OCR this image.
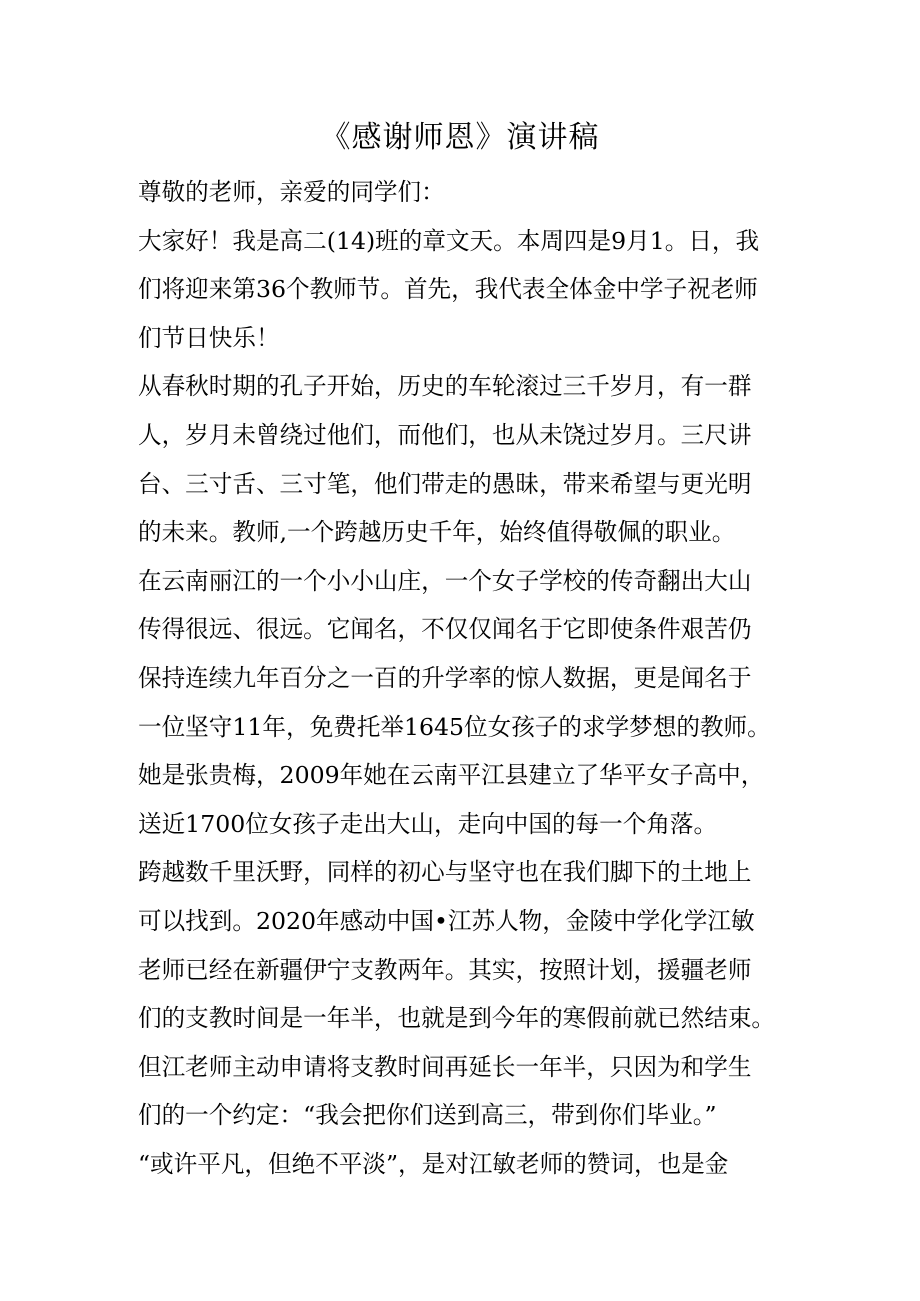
《感谢师恩》演讲稿
尊敬的老师，亲爱的同学们：
大家好！我是高二(14)班的章文天。本周四是9月1。日，我
们将迎来第36个教师节。首先，我代表全体金中学子祝老师
们节日快乐！
从春秋时期的孔子开始，历史的车轮滚过三千岁月，有一群
人，岁月未曾绕过他们，而他们，也从未饶过岁月。三尺讲
台、三寸舌、三寸笔，他们带走的愚昧，带来希望与更光明
的未来。教师,一个跨越历史千年，始终值得敬佩的职业。
在云南丽江的一个小小山庄，一个女子学校的传奇翻出大山
传得很远、很远。它闻名，不仅仅闻名于它即使条件艰苦仍
保持连续九年百分之一百的升学率的惊人数据，更是闻名于
一位坚守11年，免费托举1645位女孩子的求学梦想的教师。
她是张贵梅，2009年她在云南平江县建立了华平女子高中，
送近1700位女孩子走出大山，走向中国的每一个角落。
跨越数千里沃野，同样的初心与坚守也在我们脚下的土地上
可以找到。2020年感动中国•江苏人物，金陵中学化学江敏
老师已经在新疆伊宁支教两年。其实，按照计划，援疆老师
们的支教时间是一年半，也就是到今年的寒假前就已然结束。
但江老师主动申请将支教时间再延长一年半，只因为和学生
们的一个约定：“我会把你们送到高三，带到你们毕业。”
“或许平凡，但绝不平淡”，是对江敏老师的赞词，也是金
